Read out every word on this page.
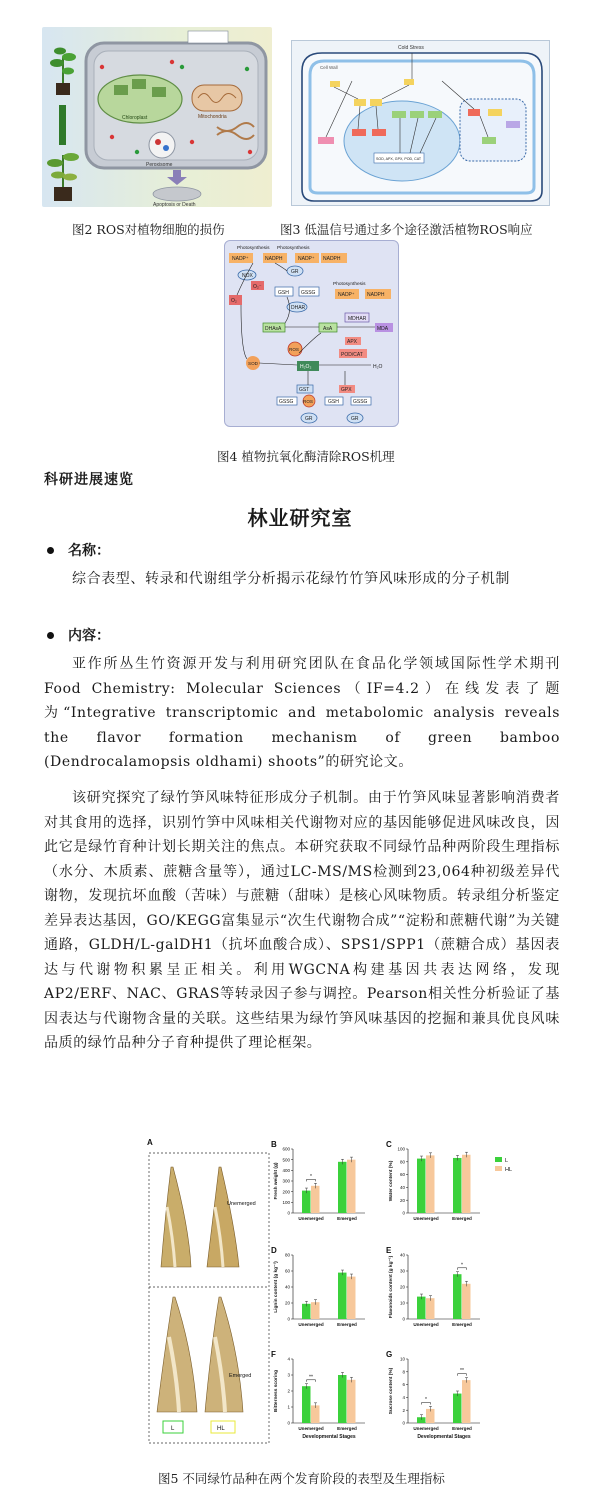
Chloroplast	Mitochondria
Peroxisome
Apoptosis or Death
图2 ROS对植物细胞的损伤
Cold Stress
Cell Wall
SOD, APX, GPX, POD, CAT
图3 低温信号通过多个途径激活植物ROS响应
Photosynthesis Photosynthesis
Photosynthesis
NADP⁺	NADPH	NADP⁺
NOX
GR
O₂⁻
O₂
GSH GSSG	NADP⁺ NADPH
NADPH
DHAR
MDHAR
DHAsA	AsA	MDA
APX
ROS
POD/CAT
SOD
H₂O₂	H₂O
GST	GPX
GSSG ROS	GSH	GSSG
GR	GR
图4 植物抗氧化酶清除ROS机理
科研进展速览
林业研究室
名称：
综合表型、转录和代谢组学分析揭示花绿竹竹笋风味形成的分子机制
内容：
亚作所丛生竹资源开发与利用研究团队在食品化学领域国际性学术期刊Food Chemistry: Molecular Sciences（IF=4.2）在线发表了题为“Integrative transcriptomic and metabolomic analysis reveals the flavor formation mechanism of green bamboo (Dendrocalamopsis oldhami) shoots”的研究论文。
该研究探究了绿竹笋风味特征形成分子机制。由于竹笋风味显著影响消费者对其食用的选择，识别竹笋中风味相关代谢物对应的基因能够促进风味改良，因此它是绿竹育种计划长期关注的焦点。本研究获取不同绿竹品种两阶段生理指标（水分、木质素、蔗糖含量等），通过LC-MS/MS检测到23,064种初级差异代谢物，发现抗坏血酸（苦味）与蔗糖（甜味）是核心风味物质。转录组分析鉴定差异表达基因，GO/KEGG富集显示“次生代谢物合成”“淀粉和蔗糖代谢”为关键通路，GLDH/L-galDH1（抗坏血酸合成）、SPS1/SPP1（蔗糖合成）基因表达与代谢物积累呈正相关。利用WGCNA构建基因共表达网络，发现AP2/ERF、NAC、GRAS等转录因子参与调控。Pearson相关性分析验证了基因表达与代谢物含量的关联。这些结果为绿竹笋风味基因的挖掘和兼具优良风味品质的绿竹品种分子育种提供了理论框架。
A
Unemerged
Emerged
L	HL
L
HL
B
0
100
200
300
400
500
600
Fresh weight (g)
Unemerged
*
Emerged
C
0
20
40
60
80
100
Water content (%)
Unemerged	Emerged
D
0
20
40
60
80
Lignin content (g kg⁻¹)
Unemerged	Emerged
E
0
10
20
30
40
Flavonoids content (g kg⁻¹)
Unemerged	Emerged
*
F
0
1
2
3
4
Bitterness scoring
Unemerged
**
Emerged
Developmental Stages
G
0
2
4
6
8
10
Sucrose content (%)
Unemerged
*
Emerged
**
Developmental Stages
图5 不同绿竹品种在两个发育阶段的表型及生理指标
